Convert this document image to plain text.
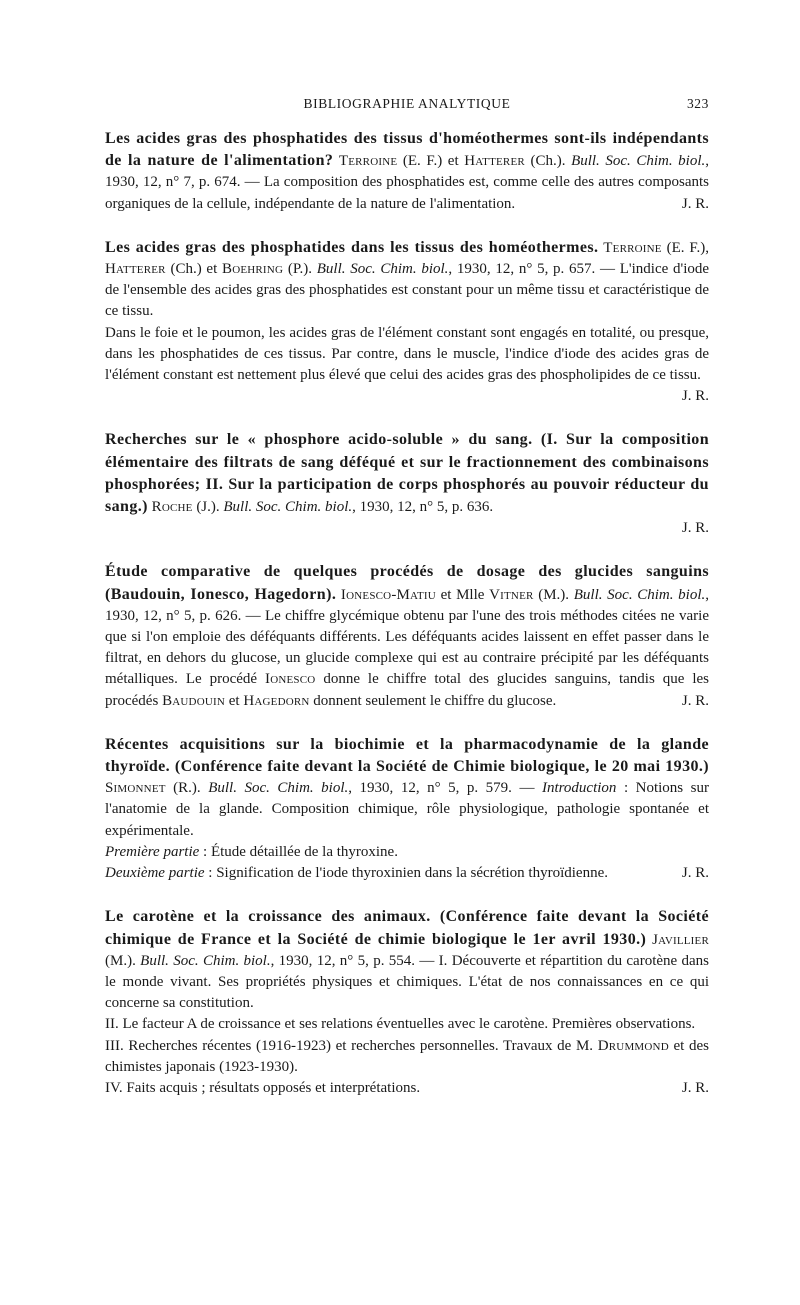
BIBLIOGRAPHIE ANALYTIQUE	323

Les acides gras des phosphatides des tissus d'homéothermes sont-ils indépendants de la nature de l'alimentation? Terroine (E. F.) et Hatterer (Ch.). Bull. Soc. Chim. biol., 1930, 12, n° 7, p. 674. — La composition des phosphatides est, comme celle des autres composants organiques de la cellule, indépendante de la nature de l'alimentation.	J. R.

Les acides gras des phosphatides dans les tissus des homéothermes. Terroine (E. F.), Hatterer (Ch.) et Boehring (P.). Bull. Soc. Chim. biol., 1930, 12, n° 5, p. 657. — L'indice d'iode de l'ensemble des acides gras des phosphatides est constant pour un même tissu et caractéristique de ce tissu.

Dans le foie et le poumon, les acides gras de l'élément constant sont engagés en totalité, ou presque, dans les phosphatides de ces tissus. Par contre, dans le muscle, l'indice d'iode des acides gras de l'élément constant est nettement plus élevé que celui des acides gras des phospholipides de ce tissu.
J. R.

Recherches sur le « phosphore acido-soluble » du sang. (I. Sur la composition élémentaire des filtrats de sang déféqué et sur le fractionnement des combinaisons phosphorées; II. Sur la participation de corps phosphorés au pouvoir réducteur du sang.) Roche (J.). Bull. Soc. Chim. biol., 1930, 12, n° 5, p. 636.

J. R.

Étude comparative de quelques procédés de dosage des glucides sanguins (Baudouin, Ionesco, Hagedorn). Ionesco-Matiu et Mlle Vitner (M.). Bull. Soc. Chim. biol., 1930, 12, n° 5, p. 626. — Le chiffre glycémique obtenu par l'une des trois méthodes citées ne varie que si l'on emploie des déféquants différents. Les déféquants acides laissent en effet passer dans le filtrat, en dehors du glucose, un glucide complexe qui est au contraire précipité par les déféquants métalliques. Le procédé Ionesco donne le chiffre total des glucides sanguins, tandis que les procédés Baudouin et Hagedorn donnent seulement le chiffre du glucose.	J. R.

Récentes acquisitions sur la biochimie et la pharmacodynamie de la glande thyroïde. (Conférence faite devant la Société de Chimie biologique, le 20 mai 1930.) Simonnet (R.). Bull. Soc. Chim. biol., 1930, 12, n° 5, p. 579. — Introduction : Notions sur l'anatomie de la glande. Composition chimique, rôle physiologique, pathologie spontanée et expérimentale.

Première partie : Étude détaillée de la thyroxine.

Deuxième partie : Signification de l'iode thyroxinien dans la sécrétion thyroïdienne.	J. R.

Le carotène et la croissance des animaux. (Conférence faite devant la Société chimique de France et la Société de chimie biologique le 1er avril 1930.) Javillier (M.). Bull. Soc. Chim. biol., 1930, 12, n° 5, p. 554. — I. Découverte et répartition du carotène dans le monde vivant. Ses propriétés physiques et chimiques. L'état de nos connaissances en ce qui concerne sa constitution.

II. Le facteur A de croissance et ses relations éventuelles avec le carotène. Premières observations.

III. Recherches récentes (1916-1923) et recherches personnelles. Travaux de M. Drummond et des chimistes japonais (1923-1930).

IV. Faits acquis ; résultats opposés et interprétations.	J. R.
